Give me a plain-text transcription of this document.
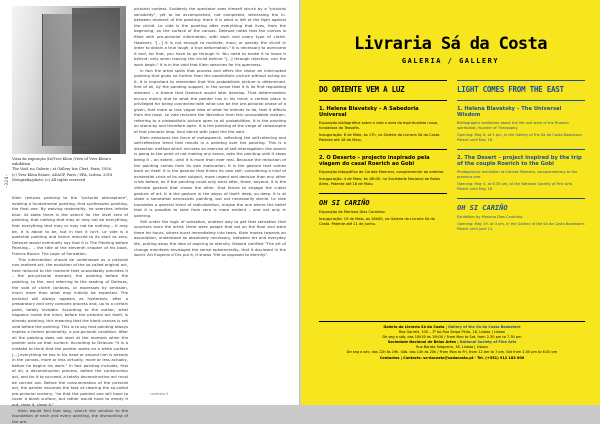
–324–
Vista da exposição /In/Yves Klein /View of Yves Klein's exhibition
The Void, na Galerie / at Gallery Iris Clert, Paris, 1958.
(c) Yves Klein Estate, ADAGP, Paris / SPA, Lisboa, 2018
(fotografia/photo: (c) All rights reserved

Klein reduces painting to the "pictorial atmosphere", evoking a fundamental painting, that synthesizes painting, the final one. By waiving materiality, he searches infinite blue. At stake there is the search for the level zero of painting, that nothing that may or may not be everything, that everything that may or may not be nothing – it may be, it is about to be, but in fact it isn't. Le vide is a potential painting and hence reduced to its start as zero. Deleuze would eventually say that it is The Painting before Painting... – the title of the eleventh chapter of his book, Francis Bacon: The Logic of Sensation.

This intervention should be understood as a pictorial non-realized act, the evolution of the so-called original act, here reduced to the moment that unavoidably precedes it – the pre-pictorial moment, the painting before the painting, to the, and referring to the reading of Deleuze, the void of cliché contains, or expresses by omission, much more than what may initially be expected. The pictorial will always appears as hysteresis, after a preparatory and very complex process and, up to a certain point, totally invisible. According to the author, what happens inside the mind, before the pictorial act itself, is already painting, this meaning that the blank canvas is not void before the painting. This is to say that painting always implies a former pictoriality, a pre-pictorial condition. After all the painting does not start at the moment when the painter acts on that surface. According to Deleuze "it is a mistake to think that the painter works on a white surface [...] everything he has in his head or around him is already in the canvas, more or less virtually, more or less actually, before he begins his work." In fact painting includes, first of all, a deconstruction process, before the construction act, and for it to succeed, a totally deconstructive act must be carried out. Before the consummation of the pictorial act, the painter assumes the task of clearing the so-called pre-pictorial scenery, "so that the painted one will have to cover a blank surface, but rather would have to empty it out, clear it, clean it."

Klein would find that way, search the solution to the foundation of each and every painting, the dismantling of the pre-

pictorial context. Suddenly the spectator sees himself struck by a "pictorial sensibility", yet to be accomplished, not completed, witnessing the in-between moment of the painting: there it is what is left of the fight against the cliché. Le vide is the painting after everything that lives, from the beginning, on the surface of the canvas. Deleuze notes that the canvas is filled with pre-pictorial information, with each and every type of cliché. However, "[...] it is not enough to mutilate, maul, or parody the cliché in order to obtain a true laugh, a true deformation." It is necessary to overcome it and, for that, you have to go through it. You need to evoke it to leave it behind: only when leaving the cliché behind "[...] through rejection, can the work begin." It is in the void that Klein searches for his openness.

In fact the artist splits that process and offers the visitor an interrupted painting that gives no further than the possibilistic picture without acting on it. It is important to remember that this probabilistic picture is determined, first of all, by the painting support, in the sense that it is its first regulating element – a theme that Damisch would later develop. That determination occurs mainly due to what the painter has in his mind: a certain place is privileged for being connected with what can be the pre-pictorial phase of a given, that more or less vague idea of what he intends to do, that it affects from the most. Le vide reclaims the liberation from this unavoidable restrain, referring to a probabilistic picture open to all probabilities. It is the painting on stand-by and therefore open. It is the painting at the verge of catastrophe of that pinnacle leap. Soul dance with (ape) the the void.

Klein embraces the force of metaspeech, reflecting the self-referring and self-reflective trend that results in a painting over the painting. This is a dissection method which includes an exercise of self-interrogation: the search is going to the point of not making any sense, asks the painting until it stops being it – an extent, until it is more than ever real. Because the reduction of the painting comes from its own maturation. It is the gesture that comes back on itself. It is the gesture that thinks its own self, considering a kind of existential crisis of its own subject, more urgent and decisive than any other crisis before, as if the painting could only exist after, there, beyond. It is the ultimate gesture that closes the other, that forces to engage the cubist gesture of art. It is the gesture in the abyss of itself: deep, so deep. It is at stake a somewhat narcissistic painting, but not necessarily sterile. Le vide translates a general trend of radicalization, maybe the one where the belief that it is possible to start from zero is more evident – and not only in painting.

Still under the logic of sensation, another way to get that sensation that surprises even the artist: there were people that sat on the floor and were there for hours, others burst immediately into tears. Klein moves towards an association, understood as absolutely necessary, between art and everyday life, putting away the idea of aspiring to eternity. Debord clarified "The art of change manifests envisaged the sense ephemerality, that it disclosed in the world. Art Eugenio d'Ors put it, it shows "life as opposed to eternity".

contexto 9
Livraria Sá da Costa
GALERIA / GALLERY
DO ORIENTE VEM A LUZ
1. Helena Blavatsky – A Sabedoria Universal
Exposição bibliográfica sobre a vida e obra da espiritualista russa, fundadora da Teosofia.
Inauguração: 8 de Maio, às 17h, na Galeria da Livraria Sá da Costa. Patente até 18 de Maio.
2. O Deserto – projecto inspirado pela viagem do casal Roerich ao Gobi
Exposição fotográfica de Carlota Manners, complementar da anterior.
Inauguração: 4 de Maio, às 18h30, na Sociedade Nacional de Belas Artes. Patente até 18 de Maio.
OH SI CARIÑO
Exposição de Mariana Dias Coutinho.
Inauguração: 19 de Maio, às 18h00, na Galeria da Livraria Sá da Costa. Patente até 11 de Junho.
LIGHT COMES FROM THE EAST
1. Helena Blavatsky – The Universal Wisdom
Bibliographic exhibition about the life and work of the Russian spiritualist, founder of Theosophy.
Opening: May 8, at 5 pm, in the Gallery of the Sá da Costa Bookstore. Patent until May 18.
2. The Desert – project inspired by the trip of the couple Roerich to the Gobi
Photographic exhibition of Carlota Manners, complementary to the previous one.
Opening: May 4, at 6.30 pm, at the National Society of Fine Arts. Patent until May 18.
OH SI CARIÑO
Exhibition by Mariana Dias Coutinho.
Opening: May 19, at 3 pm, in the Gallery of the Sá da Costa Bookstore. Patent until June 11.
Galeria da Livraria Sá da Costa | Gallery of the Sá da Costa Bookstore
Rua Garrett, 100 – 1º Ao Rua Serpa Pinto, 18, Lisboa | Lisbon
De seg a sáb, das 10h30 às 19h30 / From Mon to Sat, from 2.30 pm to 7.30 pm
Sociedade Nacional de Belas Artes | National Society of Fine Arts
Rua Barata Salgueiro, 36, Lisboa | Lisbon
De seg a sex, das 12h às 19h. Sáb. das 14h às 20h / From Mon to Fri, from 12 am to 7 pm. Sat from 2.00 pm to 8.00 pm
Contactos | Contacts: sa-dacosta@sadacosta.pt · Tel. (+351) 912 183 000
